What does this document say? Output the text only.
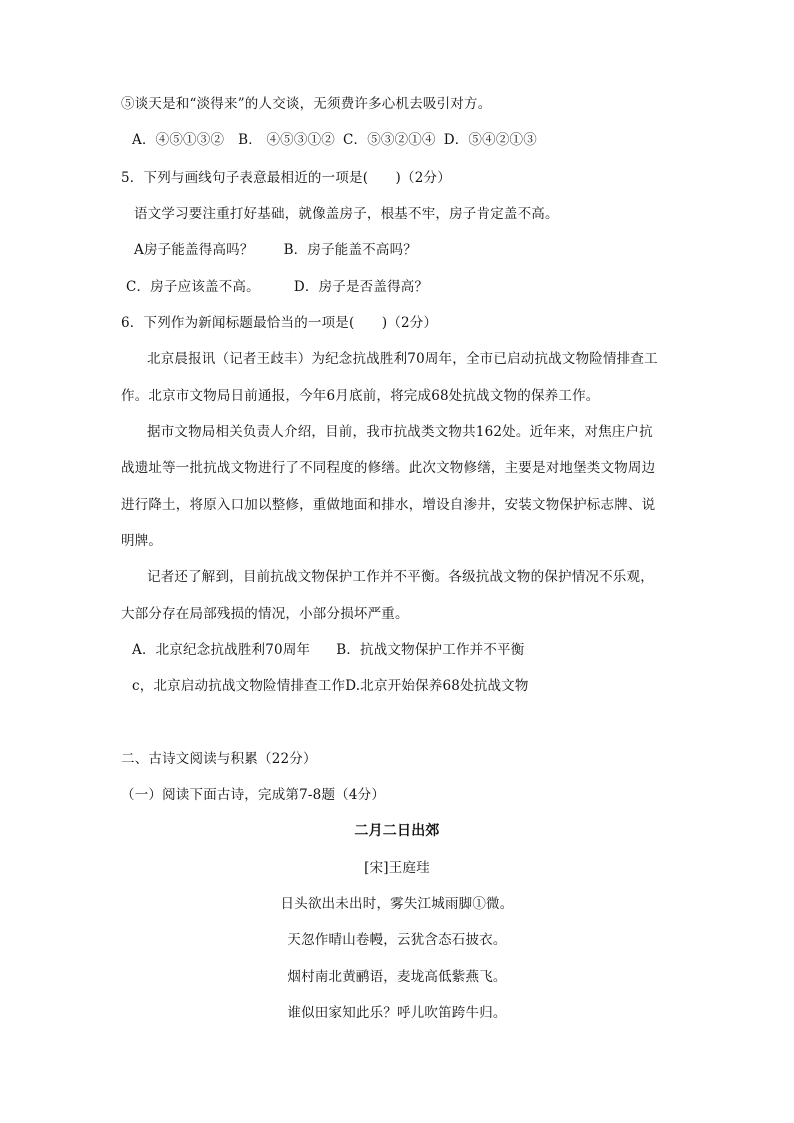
⑤谈天是和“淡得来”的人交谈，无须费许多心机去吸引对方。
A．④⑤①③② B． ④⑤③①② C．⑤③②①④ D．⑤④②①③
5．下列与画线句子表意最相近的一项是(　　)（2分）
语文学习要注重打好基础，就像盖房子，根基不牢，房子肯定盖不高。
A房子能盖得高吗？ B．房子能盖不高吗？
C．房子应该盖不高。	D．房子是否盖得高？
6．下列作为新闻标题最恰当的一项是(　　)（2分）
北京晨报讯（记者王歧丰）为纪念抗战胜利70周年，全市已启动抗战文物险情排查工
作。北京市文物局日前通报，今年6月底前，将完成68处抗战文物的保养工作。
据市文物局相关负责人介绍，目前，我市抗战类文物共162处。近年来，对焦庄户抗
战遗址等一批抗战文物进行了不同程度的修缮。此次文物修缮，主要是对地堡类文物周边
进行降土，将原入口加以整修，重做地面和排水，增设自渗井，安装文物保护标志牌、说
明牌。
记者还了解到，目前抗战文物保护工作并不平衡。各级抗战文物的保护情况不乐观，
大部分存在局部残损的情况，小部分损坏严重。
A．北京纪念抗战胜利70周年 B．抗战文物保护工作并不平衡
c，北京启动抗战文物险情排查工作D.北京开始保养68处抗战文物
二、古诗文阅读与积累（22分）
（一）阅读下面古诗，完成第7-8题（4分）
二月二日出郊
[宋]王庭珪
日头欲出未出时，雾失江城雨脚①微。
天忽作晴山卷幔，云犹含态石披衣。
烟村南北黄鹂语，麦垅高低紫燕飞。
谁似田家知此乐？呼儿吹笛跨牛归。
